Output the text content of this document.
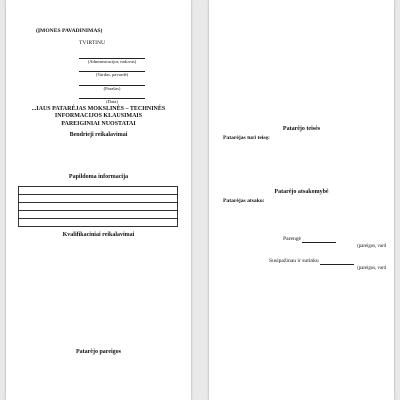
(ĮMONĖS PAVADINIMAS)

TVIRTINU

(Administracijos vadovas)
(Vardas, pavardė)
(Parašas)
(Data)
...IAUS PATARĖJAS MOKSLINĖS – TECHNINĖS
INFORMACIJOS KLAUSIMAIS
PAREIGINIAI NUOSTATAI
Bendrieji reikalavimai
Papildoma informacija

Kvalifikaciniai reikalavimai
Patarėjo pareigos
Patarėjo teisės

Patarėjas turi teisę:

Patarėjo atsakomybė

Patarėjas atsako:

Parengė

(pareigos, vard

Susipažinau ir sutinku

(pareigos, vard
